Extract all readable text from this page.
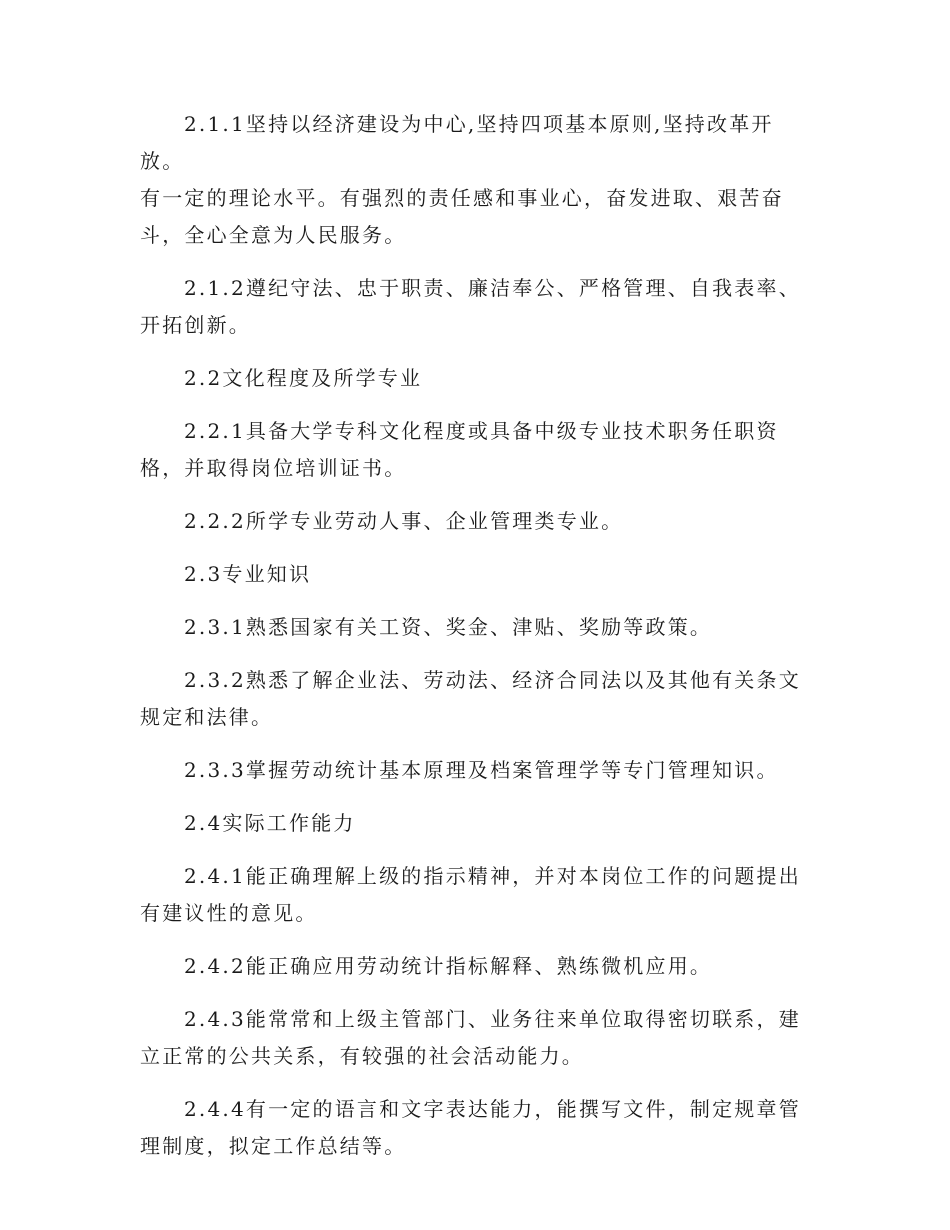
2.1.1坚持以经济建设为中心,坚持四项基本原则,坚持改革开放。
有一定的理论水平。有强烈的责任感和事业心，奋发进取、艰苦奋
斗，全心全意为人民服务。

2.1.2遵纪守法、忠于职责、廉洁奉公、严格管理、自我表率、开拓创新。

2.2文化程度及所学专业

2.2.1具备大学专科文化程度或具备中级专业技术职务任职资格，并取得岗位培训证书。

2.2.2所学专业劳动人事、企业管理类专业。

2.3专业知识

2.3.1熟悉国家有关工资、奖金、津贴、奖励等政策。

2.3.2熟悉了解企业法、劳动法、经济合同法以及其他有关条文规定和法律。

2.3.3掌握劳动统计基本原理及档案管理学等专门管理知识。

2.4实际工作能力

2.4.1能正确理解上级的指示精神，并对本岗位工作的问题提出有建议性的意见。

2.4.2能正确应用劳动统计指标解释、熟练微机应用。

2.4.3能常常和上级主管部门、业务往来单位取得密切联系，建立正常的公共关系，有较强的社会活动能力。

2.4.4有一定的语言和文字表达能力，能撰写文件，制定规章管理制度，拟定工作总结等。
